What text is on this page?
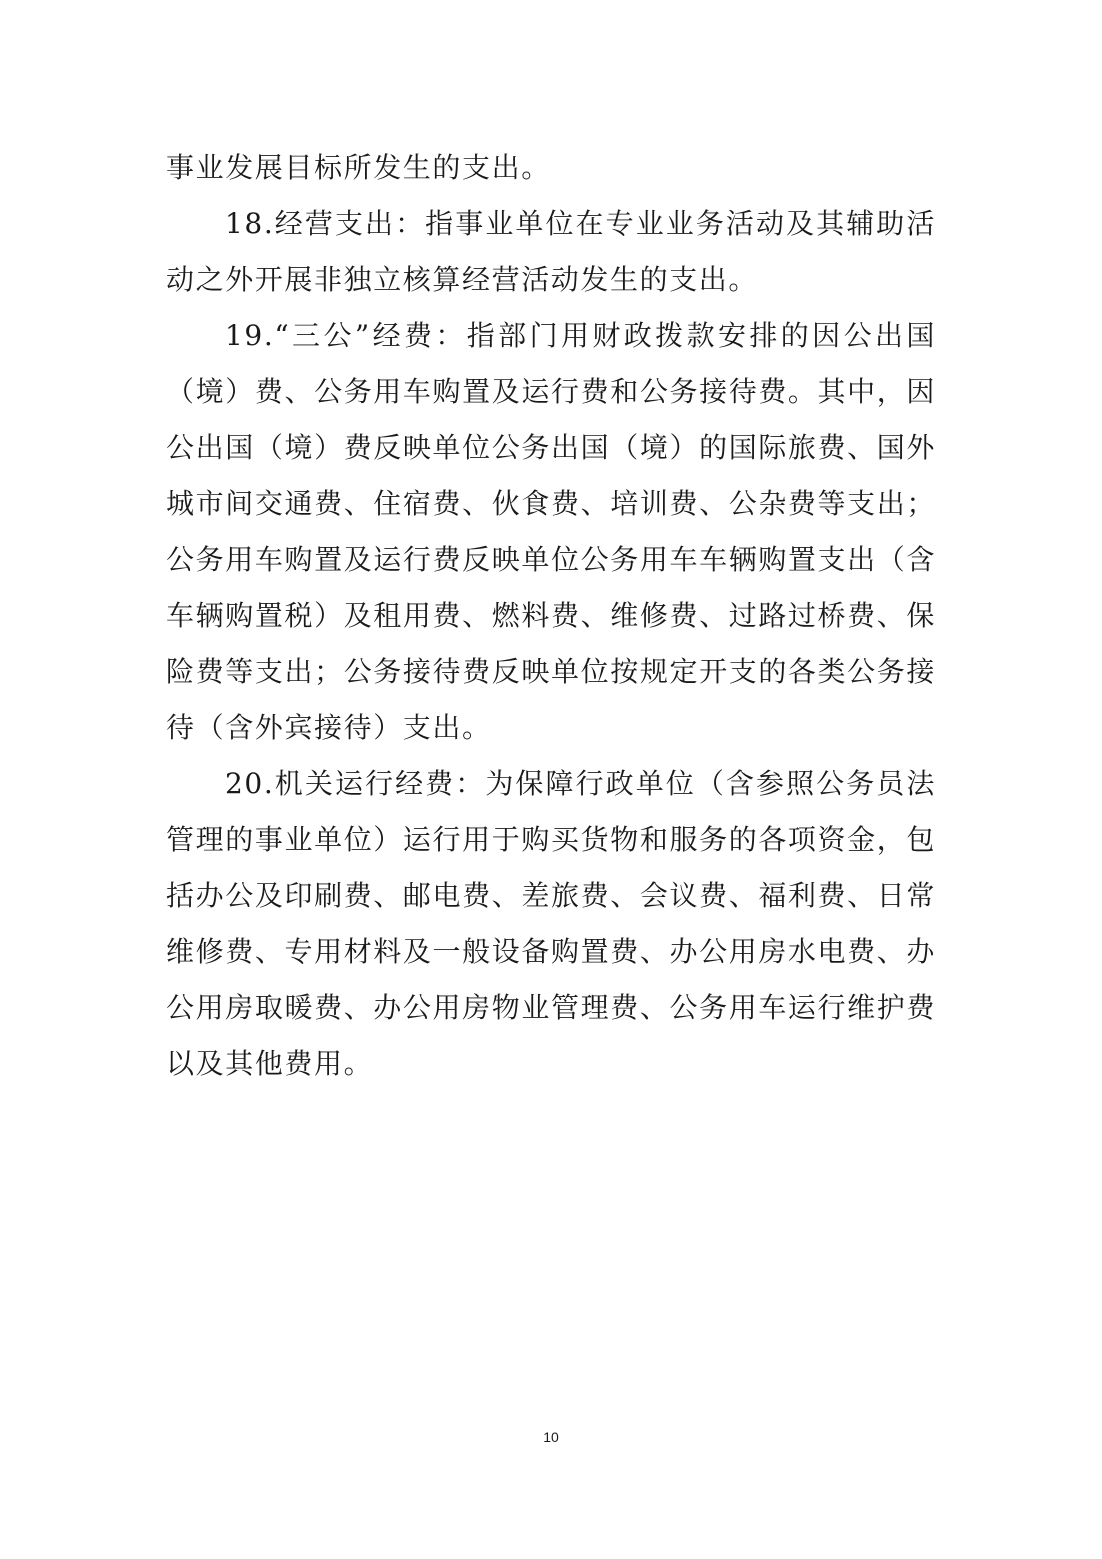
事业发展目标所发生的支出。

18.经营支出：指事业单位在专业业务活动及其辅助活动之外开展非独立核算经营活动发生的支出。

19.“三公”经费：指部门用财政拨款安排的因公出国（境）费、公务用车购置及运行费和公务接待费。其中，因公出国（境）费反映单位公务出国（境）的国际旅费、国外城市间交通费、住宿费、伙食费、培训费、公杂费等支出；公务用车购置及运行费反映单位公务用车车辆购置支出（含车辆购置税）及租用费、燃料费、维修费、过路过桥费、保险费等支出；公务接待费反映单位按规定开支的各类公务接待（含外宾接待）支出。

20.机关运行经费：为保障行政单位（含参照公务员法管理的事业单位）运行用于购买货物和服务的各项资金，包括办公及印刷费、邮电费、差旅费、会议费、福利费、日常维修费、专用材料及一般设备购置费、办公用房水电费、办公用房取暖费、办公用房物业管理费、公务用车运行维护费以及其他费用。

10
